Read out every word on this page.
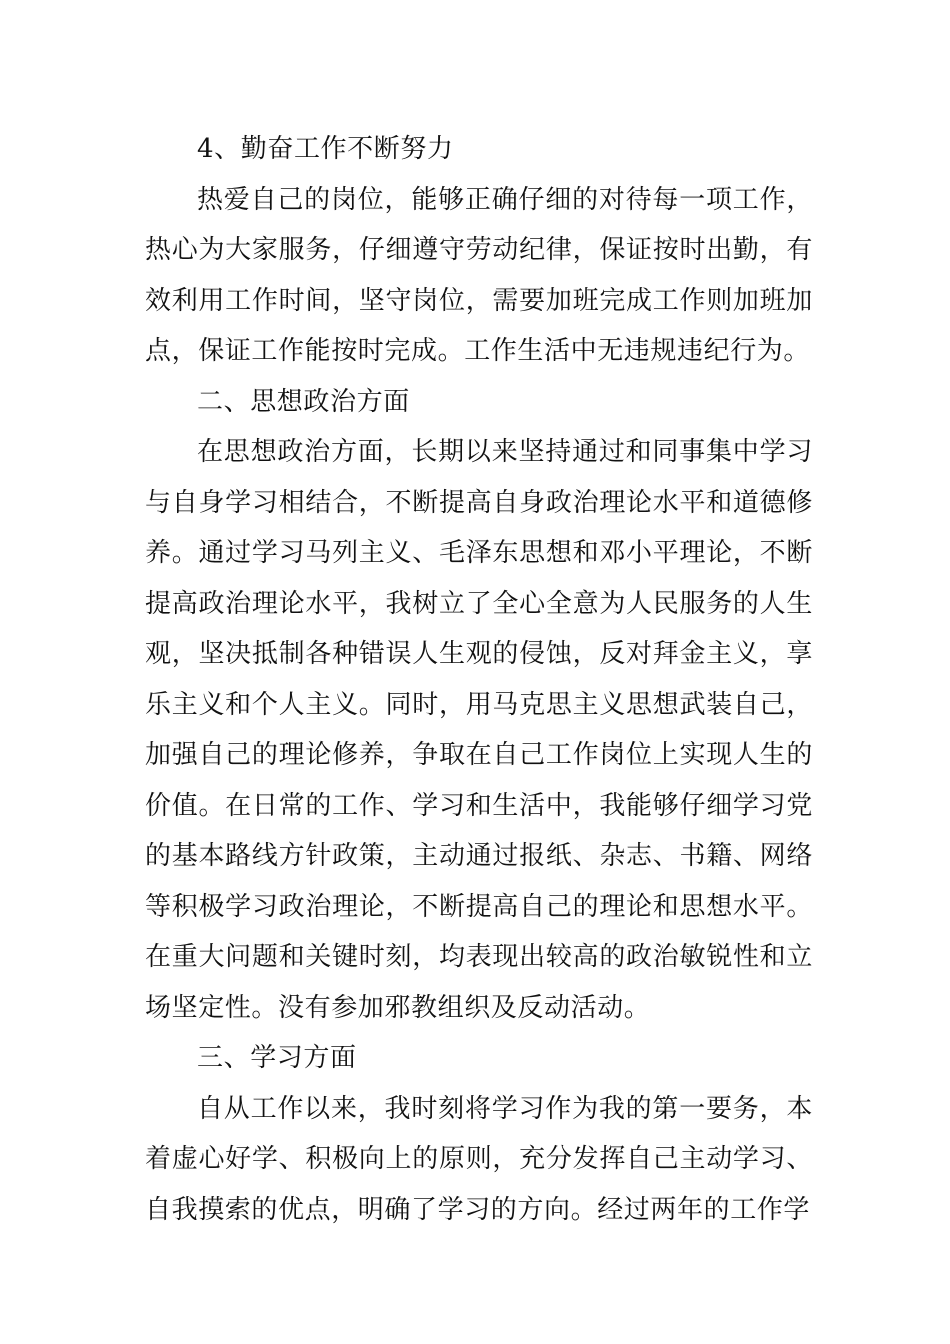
4、勤奋工作不断努力

热爱自己的岗位，能够正确仔细的对待每一项工作，热心为大家服务，仔细遵守劳动纪律，保证按时出勤，有效利用工作时间，坚守岗位，需要加班完成工作则加班加点，保证工作能按时完成。工作生活中无违规违纪行为。

二、思想政治方面

在思想政治方面，长期以来坚持通过和同事集中学习与自身学习相结合，不断提高自身政治理论水平和道德修养。通过学习马列主义、毛泽东思想和邓小平理论，不断提高政治理论水平，我树立了全心全意为人民服务的人生观，坚决抵制各种错误人生观的侵蚀，反对拜金主义，享乐主义和个人主义。同时，用马克思主义思想武装自己，加强自己的理论修养，争取在自己工作岗位上实现人生的价值。在日常的工作、学习和生活中，我能够仔细学习党的基本路线方针政策，主动通过报纸、杂志、书籍、网络等积极学习政治理论，不断提高自己的理论和思想水平。在重大问题和关键时刻，均表现出较高的政治敏锐性和立场坚定性。没有参加邪教组织及反动活动。

三、学习方面

自从工作以来，我时刻将学习作为我的第一要务，本着虚心好学、积极向上的原则，充分发挥自己主动学习、自我摸索的优点，明确了学习的方向。经过两年的工作学
